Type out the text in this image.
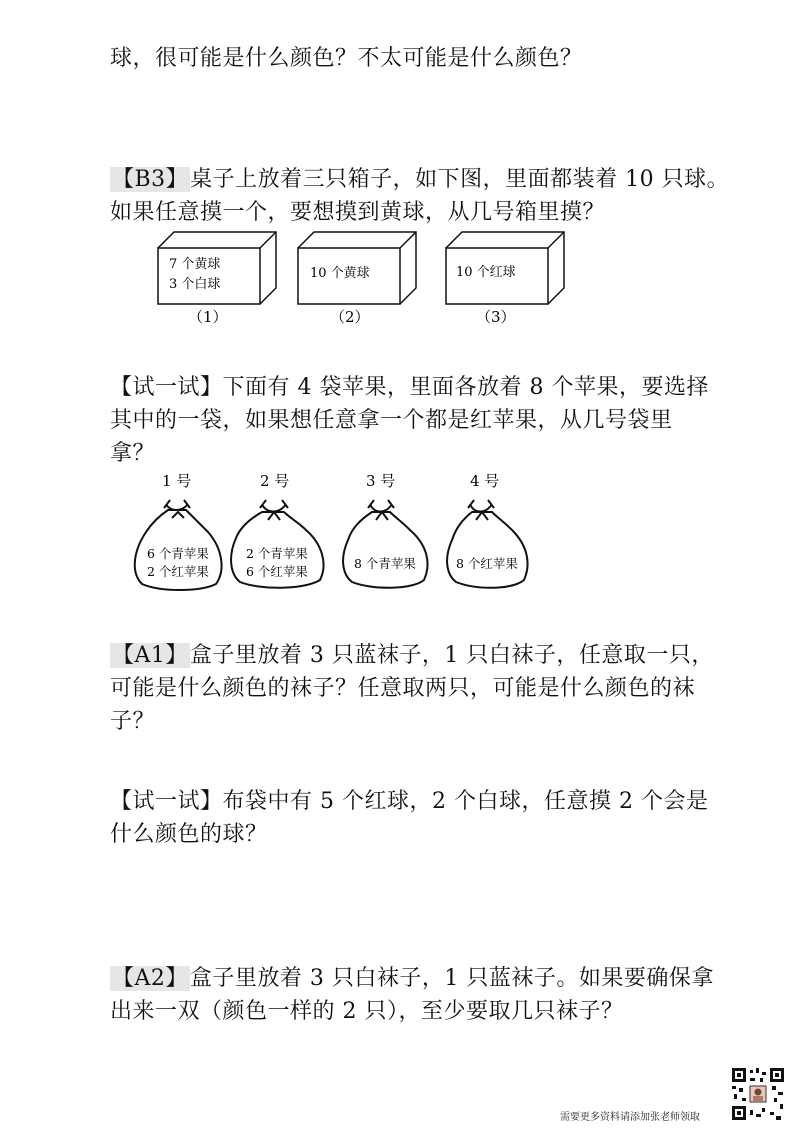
球，很可能是什么颜色？不太可能是什么颜色？
【B3】桌子上放着三只箱子，如下图，里面都装着 10 只球。
如果任意摸一个，要想摸到黄球，从几号箱里摸？
7 个黄球
3 个白球
10 个黄球	10 个红球
（1）	（2）	（3）
【试一试】下面有 4 袋苹果，里面各放着 8 个苹果，要选择
其中的一袋，如果想任意拿一个都是红苹果，从几号袋里
拿？
1 号	2 号	3 号	4 号
6 个青苹果
2 个红苹果
2 个青苹果
6 个红苹果
8 个青苹果	8 个红苹果
【A1】盒子里放着 3 只蓝袜子，1 只白袜子，任意取一只，
可能是什么颜色的袜子？任意取两只，可能是什么颜色的袜
子？
【试一试】布袋中有 5 个红球，2 个白球，任意摸 2 个会是
什么颜色的球？
【A2】盒子里放着 3 只白袜子，1 只蓝袜子。如果要确保拿
出来一双（颜色一样的 2 只），至少要取几只袜子？
需要更多资料请添加张老师领取
